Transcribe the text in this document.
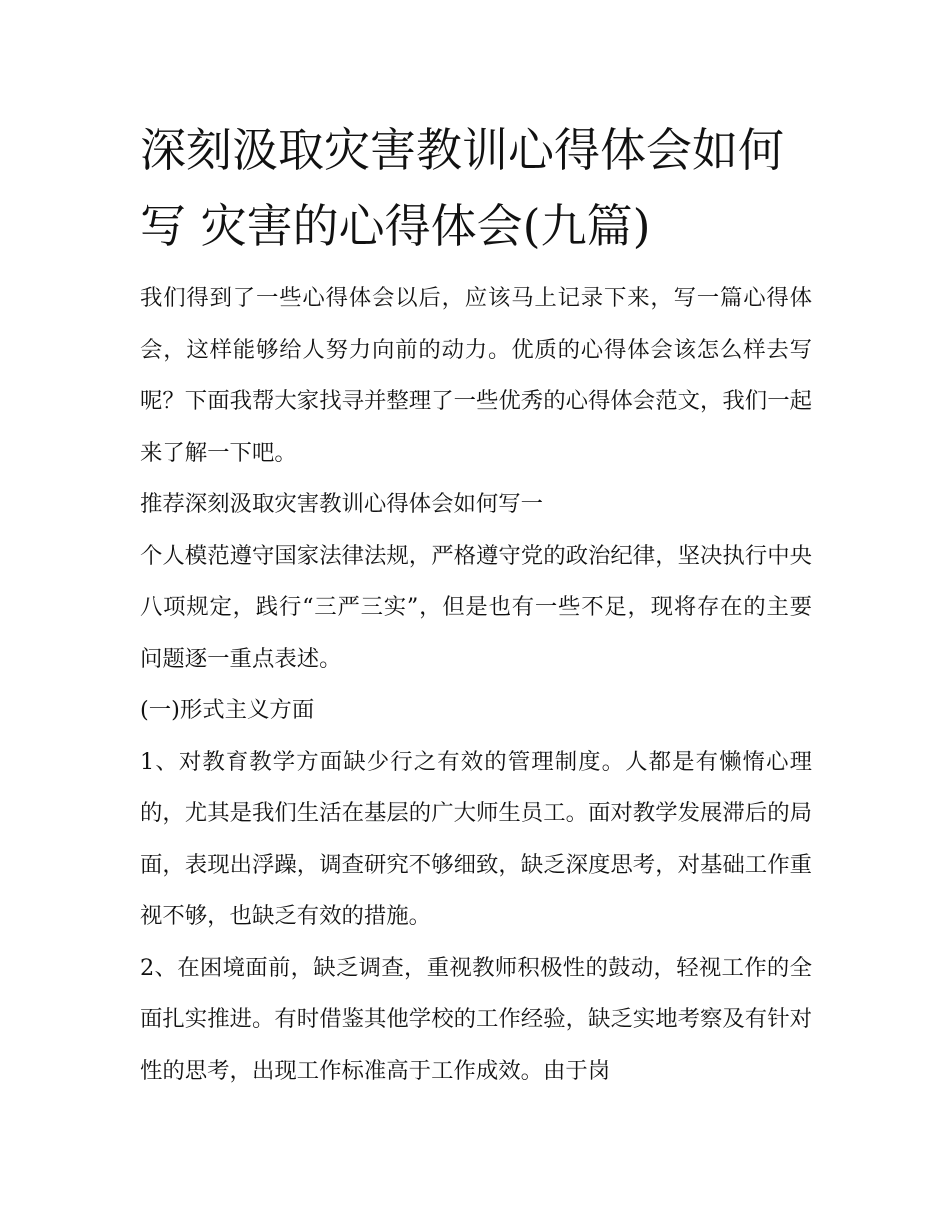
深刻汲取灾害教训心得体会如何写 灾害的心得体会(九篇)

我们得到了一些心得体会以后，应该马上记录下来，写一篇心得体会，这样能够给人努力向前的动力。优质的心得体会该怎么样去写呢？下面我帮大家找寻并整理了一些优秀的心得体会范文，我们一起来了解一下吧。

推荐深刻汲取灾害教训心得体会如何写一

个人模范遵守国家法律法规，严格遵守党的政治纪律，坚决执行中央八项规定，践行“三严三实”，但是也有一些不足，现将存在的主要问题逐一重点表述。

(一)形式主义方面

1、对教育教学方面缺少行之有效的管理制度。人都是有懒惰心理的，尤其是我们生活在基层的广大师生员工。面对教学发展滞后的局面，表现出浮躁，调查研究不够细致，缺乏深度思考，对基础工作重视不够，也缺乏有效的措施。

2、在困境面前，缺乏调查，重视教师积极性的鼓动，轻视工作的全面扎实推进。有时借鉴其他学校的工作经验，缺乏实地考察及有针对性的思考，出现工作标准高于工作成效。由于岗
